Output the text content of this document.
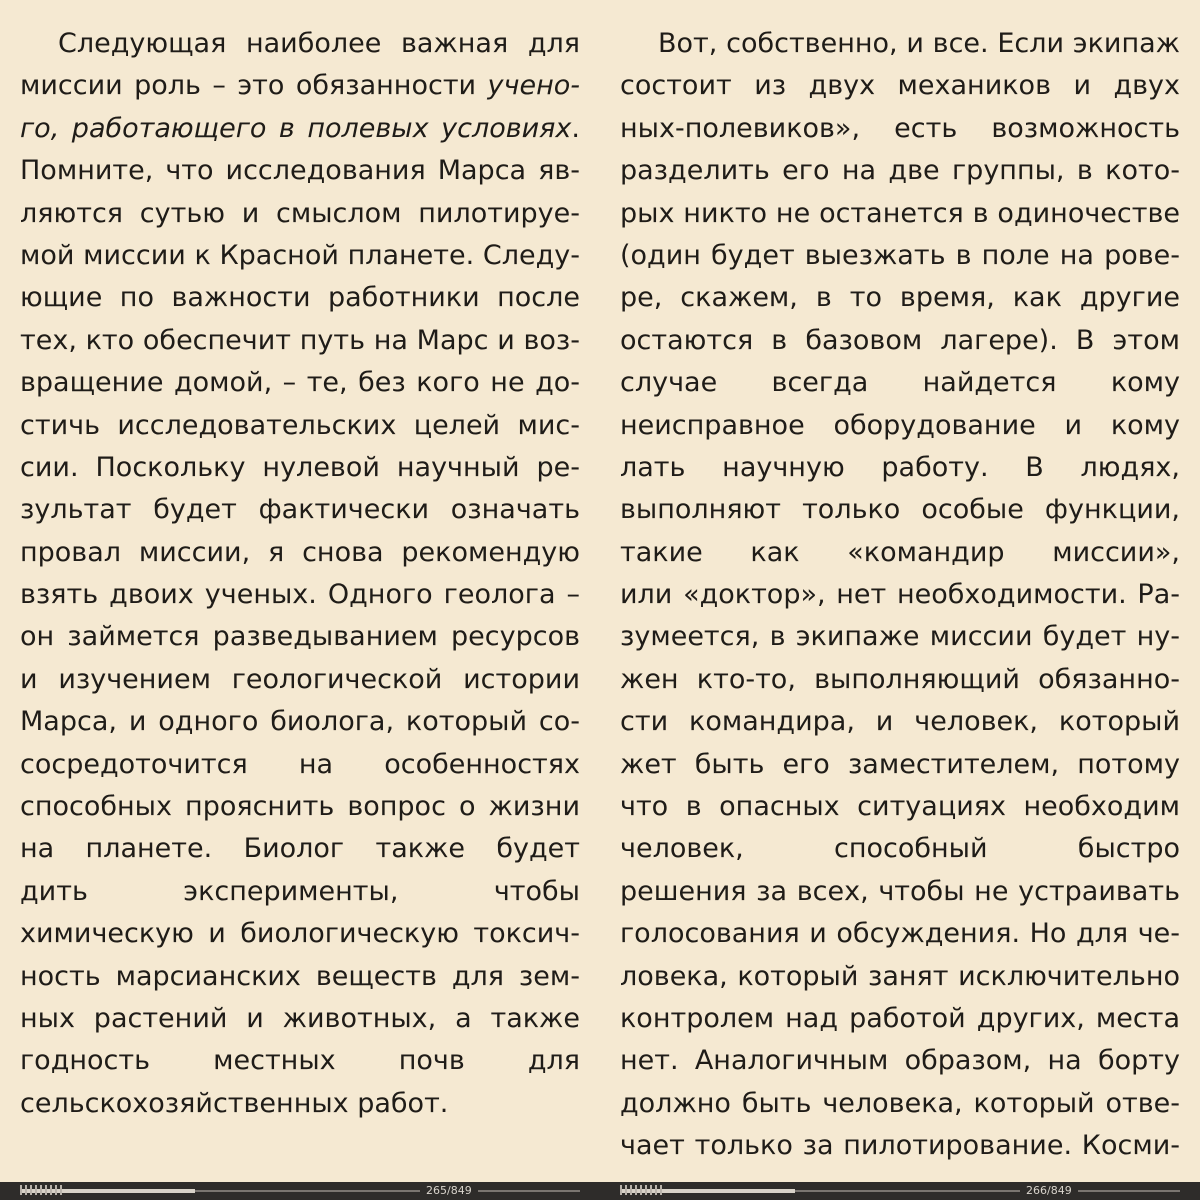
Следующая наиболее важная для
миссии роль – это обязанности учено-
го, работающего в полевых условиях.
Помните, что исследования Марса яв-
ляются сутью и смыслом пилотируе-
мой миссии к Красной планете. Следу-
ющие по важности работники после
тех, кто обеспечит путь на Марс и воз-
вращение домой, – те, без кого не до-
стичь исследовательских целей мис-
сии. Поскольку нулевой научный ре-
зультат будет фактически означать
провал миссии, я снова рекомендую
взять двоих ученых. Одного геолога –
он займется разведыванием ресурсов
и изучением геологической истории
Марса, и одного биолога, который со-
сосредоточится на особенностях
способных прояснить вопрос о жизни
на планете. Биолог также будет
дить эксперименты, чтобы
химическую и биологическую токсич-
ность марсианских веществ для зем-
ных растений и животных, а также
годность местных почв для
сельскохозяйственных работ.
265/849
Вот, собственно, и все. Если экипаж
состоит из двух механиков и двух
ных-полевиков», есть возможность
разделить его на две группы, в кото-
рых никто не останется в одиночестве
(один будет выезжать в поле на рове-
ре, скажем, в то время, как другие
остаются в базовом лагере). В этом
случае всегда найдется кому
неисправное оборудование и кому
лать научную работу. В людях,
выполняют только особые функции,
такие как «командир миссии»,
или «доктор», нет необходимости. Ра-
зумеется, в экипаже миссии будет ну-
жен кто-то, выполняющий обязанно-
сти командира, и человек, который
жет быть его заместителем, потому
что в опасных ситуациях необходим
человек, способный быстро
решения за всех, чтобы не устраивать
голосования и обсуждения. Но для че-
ловека, который занят исключительно
контролем над работой других, места
нет. Аналогичным образом, на борту
должно быть человека, который отве-
чает только за пилотирование. Косми-
266/849
